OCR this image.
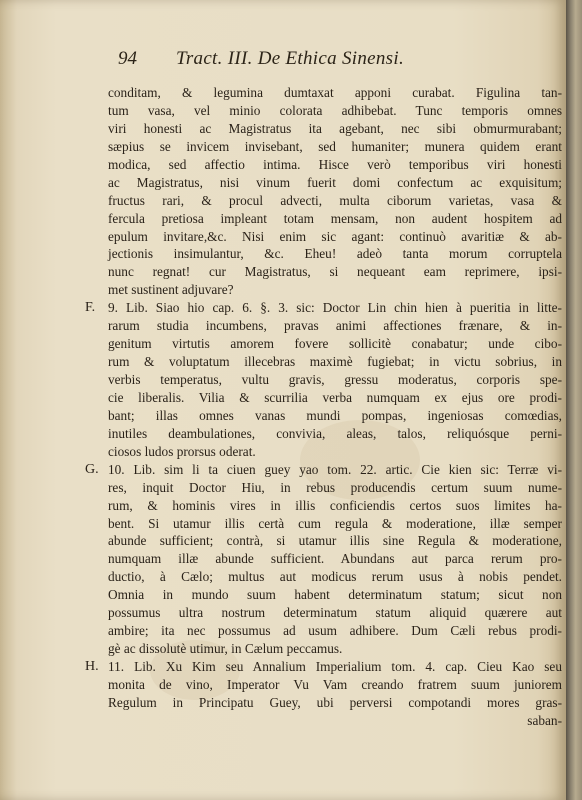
94 Tract. III. De Ethica Sinensi.
conditam, & legumina dumtaxat apponi curabat. Figulina tan-
tum vasa, vel minio colorata adhibebat. Tunc temporis omnes
viri honesti ac Magistratus ita agebant, nec sibi obmurmurabant;
sæpius se invicem invisebant, sed humaniter; munera quidem erant
modica, sed affectio intima. Hisce verò temporibus viri honesti
ac Magistratus, nisi vinum fuerit domi confectum ac exquisitum;
fructus rari, & procul advecti, multa ciborum varietas, vasa &
fercula pretiosa impleant totam mensam, non audent hospitem ad
epulum invitare,&c. Nisi enim sic agant: continuò avaritiæ & ab-
jectionis insimulantur, &c. Eheu! adeò tanta morum corruptela
nunc regnat! cur Magistratus, si nequeant eam reprimere, ipsi-
met sustinent adjuvare?
F. 9. Lib. Siao hio cap. 6. §. 3. sic: Doctor Lin chin hien à pueritia in litte-
rarum studia incumbens, pravas animi affectiones frænare, & in-
genitum virtutis amorem fovere sollicitè conabatur; unde cibo-
rum & voluptatum illecebras maximè fugiebat; in victu sobrius, in
verbis temperatus, vultu gravis, gressu moderatus, corporis spe-
cie liberalis. Vilia & scurrilia verba numquam ex ejus ore prodi-
bant; illas omnes vanas mundi pompas, ingeniosas comœdias,
inutiles deambulationes, convivia, aleas, talos, reliquósque perni-
ciosos ludos prorsus oderat.
G. 10. Lib. sim li ta ciuen guey yao tom. 22. artic. Cie kien sic: Terræ vi-
res, inquit Doctor Hiu, in rebus producendis certum suum nume-
rum, & hominis vires in illis conficiendis certos suos limites ha-
bent. Si utamur illis certà cum regula & moderatione, illæ semper
abunde sufficient; contrà, si utamur illis sine Regula & moderatione,
numquam illæ abunde sufficient. Abundans aut parca rerum pro-
ductio, à Cælo; multus aut modicus rerum usus à nobis pendet.
Omnia in mundo suum habent determinatum statum; sicut non
possumus ultra nostrum determinatum statum aliquid quærere aut
ambire; ita nec possumus ad usum adhibere. Dum Cæli rebus prodi-
gè ac dissolutè utimur, in Cælum peccamus.
H. 11. Lib. Xu Kim seu Annalium Imperialium tom. 4. cap. Cieu Kao seu
monita de vino, Imperator Vu Vam creando fratrem suum juniorem
Regulum in Principatu Guey, ubi perversi compotandi mores gras-
saban-
